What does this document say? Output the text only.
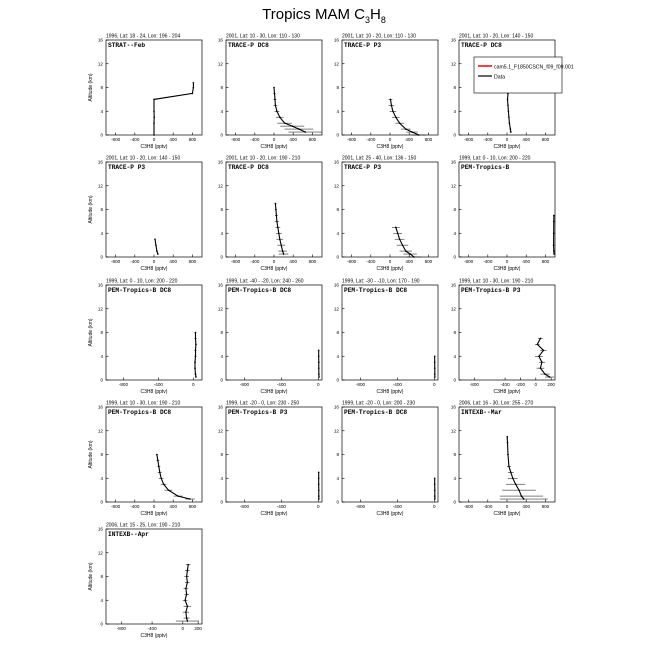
Tropics MAM $C_3H_8$
1996, Lat: 18 - 24, Lon: 196 - 204
STRAT--Feb
-800 -400	0	400	800
0
4
8
12
16
C3H8 (pptv)
Altitude (km)
2001, Lat: 10 - 30, Lon: 110 - 130
TRACE-P DC8
-800 -400	0	400	800
0
4
8
12
16
C3H8 (pptv)
2001, Lat: 10 - 20, Lon: 110 - 130
TRACE-P P3
-800 -400	0	400	800
0
4
8
12
16
C3H8 (pptv)
2001, Lat: 10 - 20, Lon: 140 - 150
TRACE-P DC8
-800 -400	0	400	800
0
4
8
12
16
C3H8 (pptv)
2001, Lat: 10 - 20, Lon: 140 - 150
TRACE-P P3
-800 -400	0	400	800
0
4
8
12
16
C3H8 (pptv)
Altitude (km)
2001, Lat: 10 - 20, Lon: 190 - 210
TRACE-P DC8
-800 -400	0	400	800
0
4
8
12
16
C3H8 (pptv)
2001, Lat: 25 - 40, Lon: 136 - 150
TRACE-P P3
-800 -400	0	400	800
0
4
8
12
16
C3H8 (pptv)
1999, Lat: 0 - 10, Lon: 200 - 220
PEM-Tropics-B
-800 -400	0	400	800
0
4
8
12
16
C3H8 (pptv)
1999, Lat: 0 - 10, Lon: 200 - 220
PEM-Tropics-B DC8
-800	-400	0
0
4
8
12
16
C3H8 (pptv)
Altitude (km)
1999, Lat: -40 - -20, Lon: 240 - 260
PEM-Tropics-B DC8
-800	-400	0
0
4
8
12
16
C3H8 (pptv)
1999, Lat: -30 - -10, Lon: 170 - 190
PEM-Tropics-B DC8
-800	-400	0
0
4
8
12
16
C3H8 (pptv)
1999, Lat: 10 - 30, Lon: 190 - 210
PEM-Tropics-B P3
-800	-400 -200 0 200
0
4
8
12
16
C3H8 (pptv)
1999, Lat: 10 - 30, Lon: 190 - 210
PEM-Tropics-B DC8
-800 -400	0	400	800
0
4
8
12
16
C3H8 (pptv)
Altitude (km)
1999, Lat: -20 - 0, Lon: 230 - 250
PEM-Tropics-B P3
-800	-400	0
0
4
8
12
16
C3H8 (pptv)
1999, Lat: -20 - 0, Lon: 200 - 230
PEM-Tropics-B DC8
-800	-400	0
0
4
8
12
16
C3H8 (pptv)
2006, Lat: 16 - 30, Lon: 255 - 270
INTEXB--Mar
-800 -400	0	400	800
0
4
8
12
16
C3H8 (pptv)
2006, Lat: 15 - 25, Lon: 190 - 210
INTEXB--Apr
-800	-400	0 200
0
4
8
12
16
C3H8 (pptv)
Altitude (km)
cam5.1_F1850CSCN_f09_f09.001
Data
